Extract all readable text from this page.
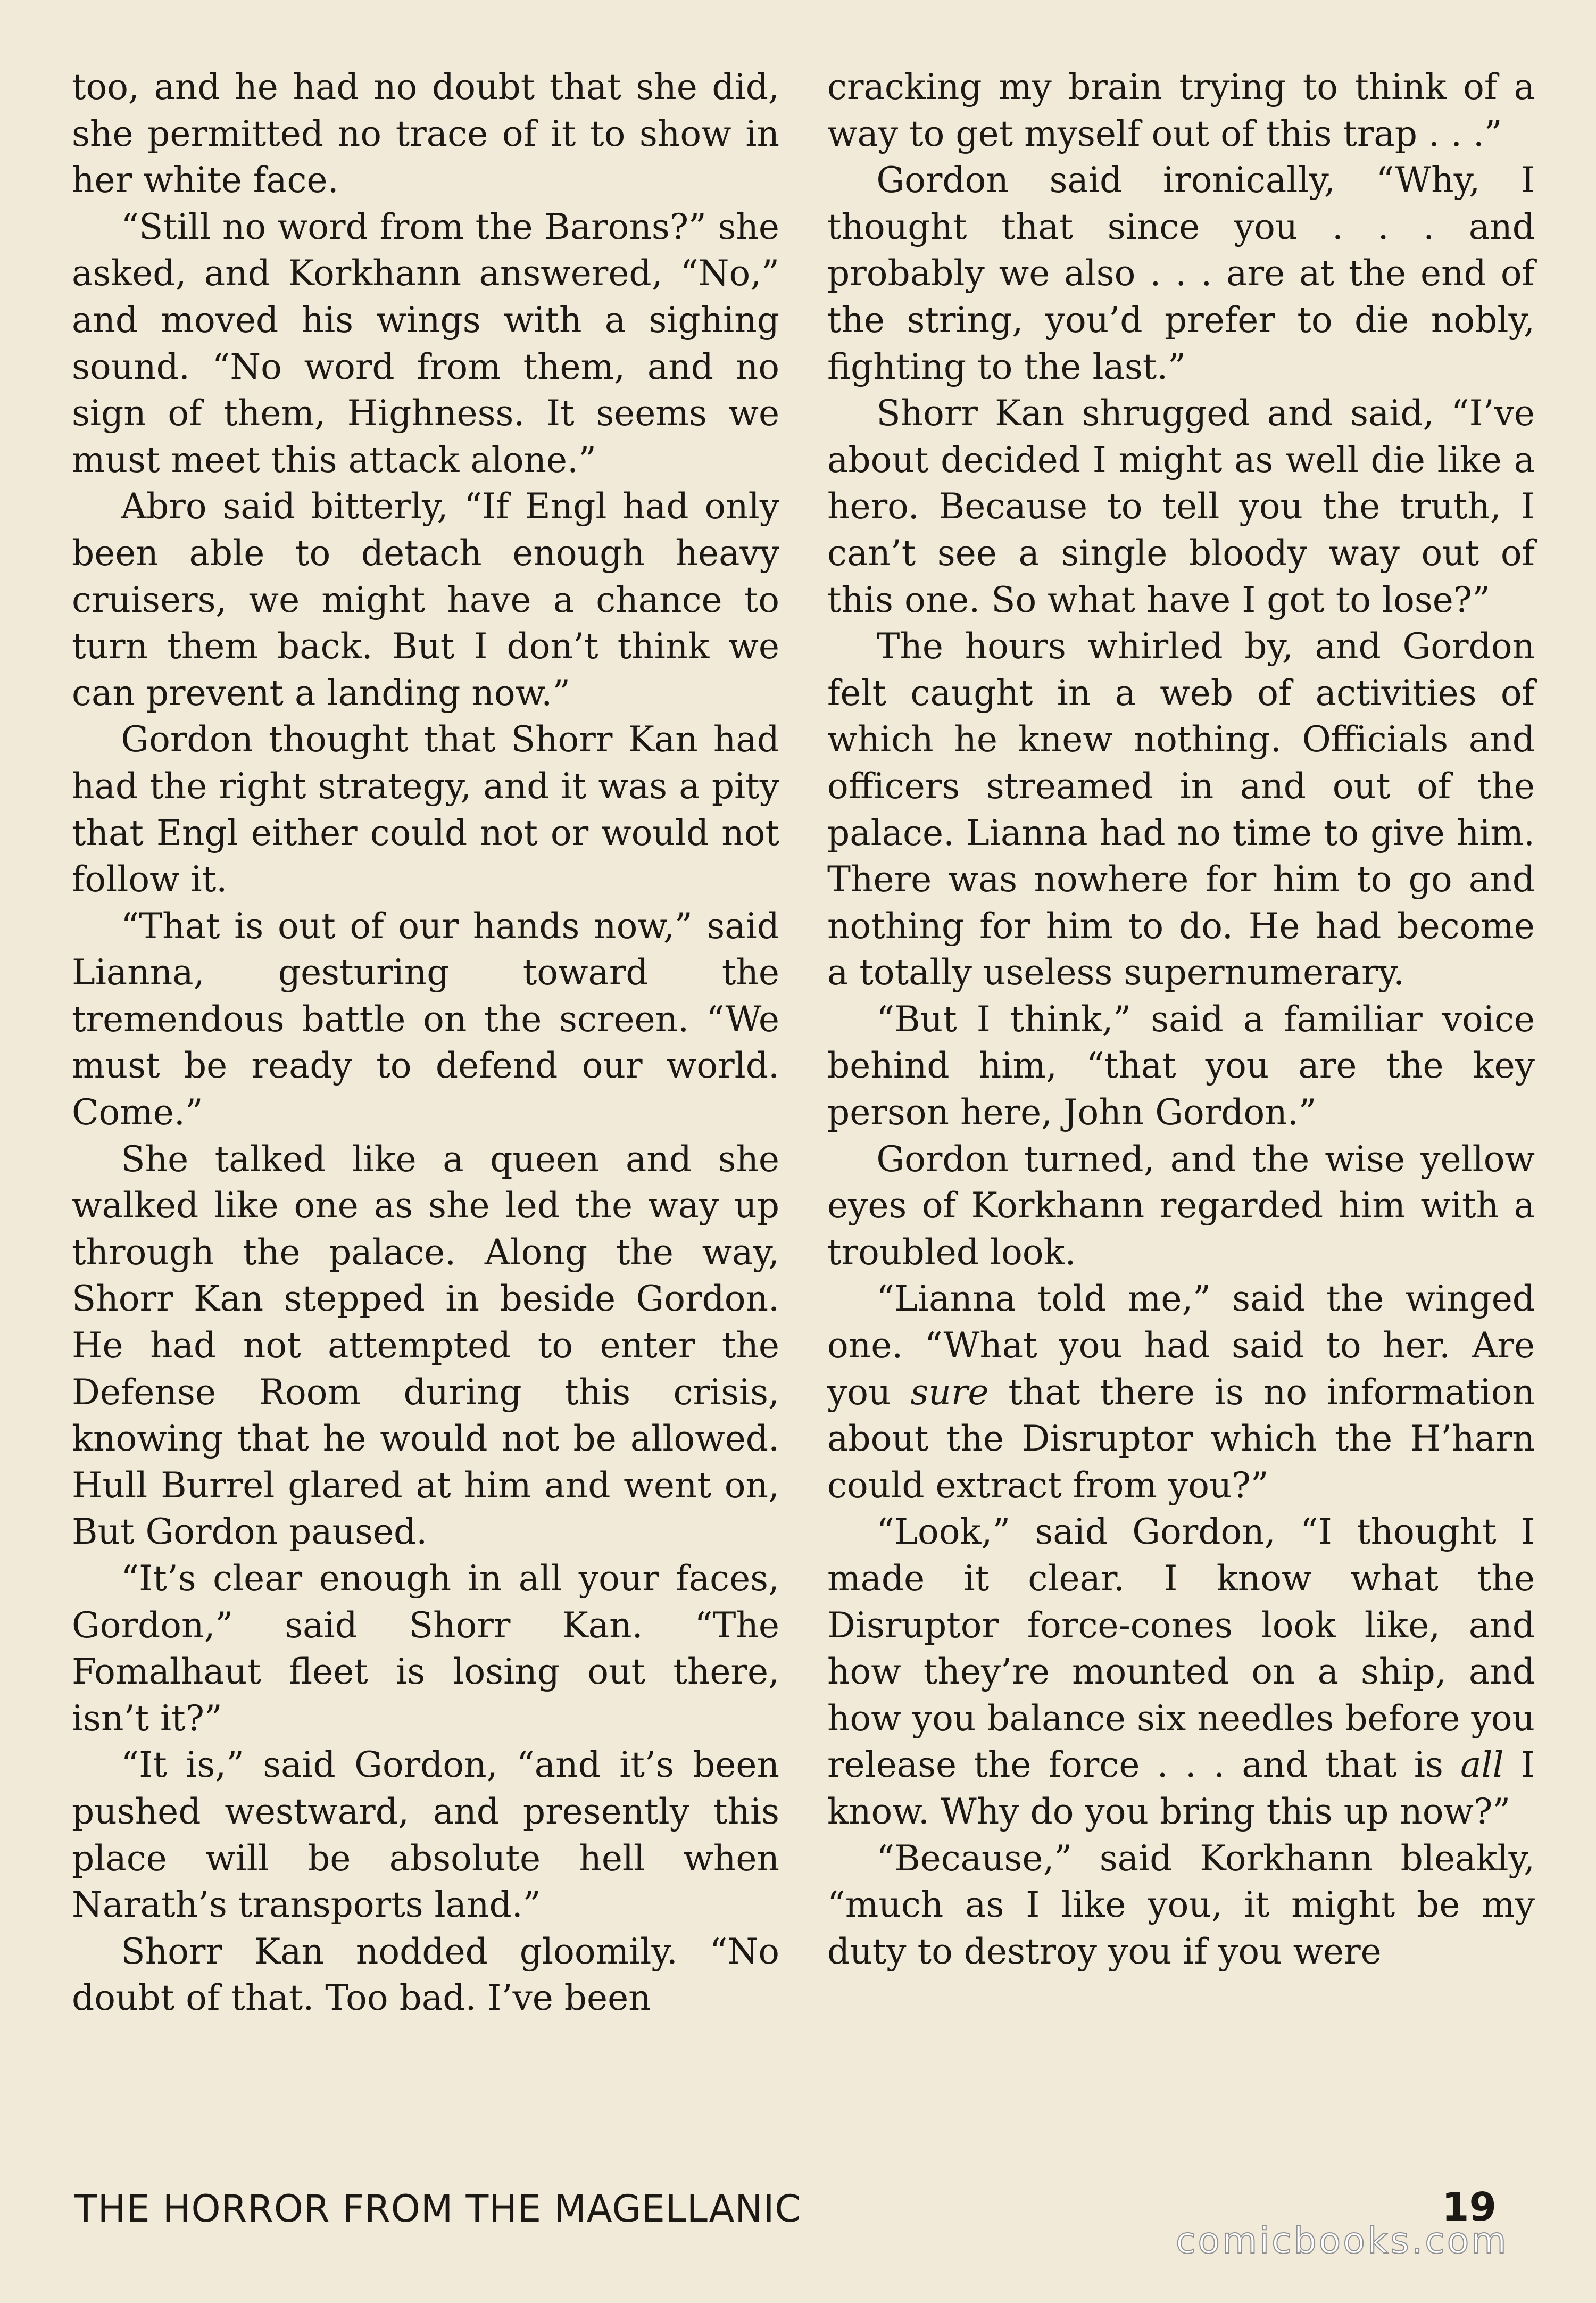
too, and he had no doubt that she did, she permitted no trace of it to show in her white face.

“Still no word from the Barons?” she asked, and Korkhann answered, “No,” and moved his wings with a sighing sound. “No word from them, and no sign of them, Highness. It seems we must meet this attack alone.”

Abro said bitterly, “If Engl had only been able to detach enough heavy cruisers, we might have a chance to turn them back. But I don’t think we can prevent a landing now.”

Gordon thought that Shorr Kan had had the right strategy, and it was a pity that Engl either could not or would not follow it.

“That is out of our hands now,” said Lianna, gesturing toward the tremendous battle on the screen. “We must be ready to defend our world. Come.”

She talked like a queen and she walked like one as she led the way up through the palace. Along the way, Shorr Kan stepped in beside Gordon. He had not attempted to enter the Defense Room during this crisis, knowing that he would not be allowed. Hull Burrel glared at him and went on, But Gordon paused.

“It’s clear enough in all your faces, Gordon,” said Shorr Kan. “The Fomalhaut fleet is losing out there, isn’t it?”

“It is,” said Gordon, “and it’s been pushed westward, and presently this place will be absolute hell when Narath’s transports land.”

Shorr Kan nodded gloomily. “No doubt of that. Too bad. I’ve been

cracking my brain trying to think of a way to get myself out of this trap . . .”

Gordon said ironically, “Why, I thought that since you . . . and probably we also . . . are at the end of the string, you’d prefer to die nobly, fighting to the last.”

Shorr Kan shrugged and said, “I’ve about decided I might as well die like a hero. Because to tell you the truth, I can’t see a single bloody way out of this one. So what have I got to lose?”

The hours whirled by, and Gordon felt caught in a web of activities of which he knew nothing. Officials and officers streamed in and out of the palace. Lianna had no time to give him. There was nowhere for him to go and nothing for him to do. He had become a totally useless supernumerary.

“But I think,” said a familiar voice behind him, “that you are the key person here, John Gordon.”

Gordon turned, and the wise yellow eyes of Korkhann regarded him with a troubled look.

“Lianna told me,” said the winged one. “What you had said to her. Are you sure that there is no information about the Disruptor which the H’harn could extract from you?”

“Look,” said Gordon, “I thought I made it clear. I know what the Disruptor force-cones look like, and how they’re mounted on a ship, and how you balance six needles before you release the force . . . and that is all I know. Why do you bring this up now?”

“Because,” said Korkhann bleakly, “much as I like you, it might be my duty to destroy you if you were

THE HORROR FROM THE MAGELLANIC	19
comicbooks.com
